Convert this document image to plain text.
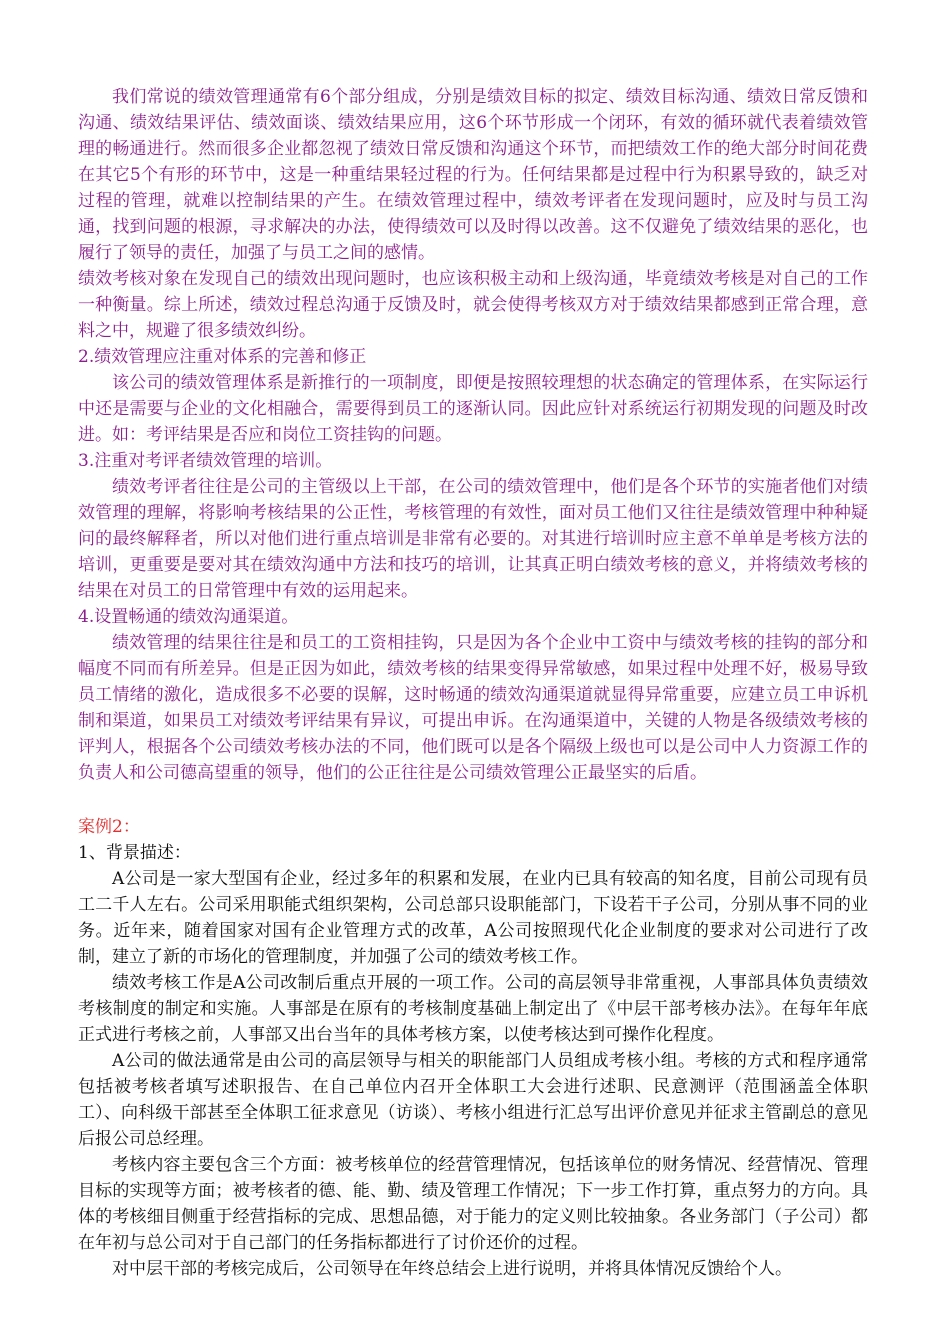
我们常说的绩效管理通常有6个部分组成，分别是绩效目标的拟定、绩效目标沟通、绩效日常反馈和沟通、绩效结果评估、绩效面谈、绩效结果应用，这6个环节形成一个闭环，有效的循环就代表着绩效管理的畅通进行。然而很多企业都忽视了绩效日常反馈和沟通这个环节，而把绩效工作的绝大部分时间花费在其它5个有形的环节中，这是一种重结果轻过程的行为。任何结果都是过程中行为积累导致的，缺乏对过程的管理，就难以控制结果的产生。在绩效管理过程中，绩效考评者在发现问题时，应及时与员工沟通，找到问题的根源，寻求解决的办法，使得绩效可以及时得以改善。这不仅避免了绩效结果的恶化，也履行了领导的责任，加强了与员工之间的感情。

绩效考核对象在发现自己的绩效出现问题时，也应该积极主动和上级沟通，毕竟绩效考核是对自己的工作一种衡量。综上所述，绩效过程总沟通于反馈及时，就会使得考核双方对于绩效结果都感到正常合理，意料之中，规避了很多绩效纠纷。

2.绩效管理应注重对体系的完善和修正

该公司的绩效管理体系是新推行的一项制度，即便是按照较理想的状态确定的管理体系，在实际运行中还是需要与企业的文化相融合，需要得到员工的逐渐认同。因此应针对系统运行初期发现的问题及时改进。如：考评结果是否应和岗位工资挂钩的问题。

3.注重对考评者绩效管理的培训。

绩效考评者往往是公司的主管级以上干部，在公司的绩效管理中，他们是各个环节的实施者他们对绩效管理的理解，将影响考核结果的公正性，考核管理的有效性，面对员工他们又往往是绩效管理中种种疑问的最终解释者，所以对他们进行重点培训是非常有必要的。对其进行培训时应主意不单单是考核方法的培训，更重要是要对其在绩效沟通中方法和技巧的培训，让其真正明白绩效考核的意义，并将绩效考核的结果在对员工的日常管理中有效的运用起来。

4.设置畅通的绩效沟通渠道。

绩效管理的结果往往是和员工的工资相挂钩，只是因为各个企业中工资中与绩效考核的挂钩的部分和幅度不同而有所差异。但是正因为如此，绩效考核的结果变得异常敏感，如果过程中处理不好，极易导致员工情绪的激化，造成很多不必要的误解，这时畅通的绩效沟通渠道就显得异常重要，应建立员工申诉机制和渠道，如果员工对绩效考评结果有异议，可提出申诉。在沟通渠道中，关键的人物是各级绩效考核的评判人，根据各个公司绩效考核办法的不同，他们既可以是各个隔级上级也可以是公司中人力资源工作的负责人和公司德高望重的领导，他们的公正往往是公司绩效管理公正最坚实的后盾。

案例2：

1、背景描述：

A公司是一家大型国有企业，经过多年的积累和发展，在业内已具有较高的知名度，目前公司现有员工二千人左右。公司采用职能式组织架构，公司总部只设职能部门，下设若干子公司，分别从事不同的业务。近年来，随着国家对国有企业管理方式的改革，A公司按照现代化企业制度的要求对公司进行了改制，建立了新的市场化的管理制度，并加强了公司的绩效考核工作。

绩效考核工作是A公司改制后重点开展的一项工作。公司的高层领导非常重视，人事部具体负责绩效考核制度的制定和实施。人事部是在原有的考核制度基础上制定出了《中层干部考核办法》。在每年年底正式进行考核之前，人事部又出台当年的具体考核方案，以使考核达到可操作化程度。

A公司的做法通常是由公司的高层领导与相关的职能部门人员组成考核小组。考核的方式和程序通常包括被考核者填写述职报告、在自己单位内召开全体职工大会进行述职、民意测评（范围涵盖全体职工）、向科级干部甚至全体职工征求意见（访谈）、考核小组进行汇总写出评价意见并征求主管副总的意见后报公司总经理。

考核内容主要包含三个方面：被考核单位的经营管理情况，包括该单位的财务情况、经营情况、管理目标的实现等方面；被考核者的德、能、勤、绩及管理工作情况；下一步工作打算，重点努力的方向。具体的考核细目侧重于经营指标的完成、思想品德，对于能力的定义则比较抽象。各业务部门（子公司）都在年初与总公司对于自己部门的任务指标都进行了讨价还价的过程。

对中层干部的考核完成后，公司领导在年终总结会上进行说明，并将具体情况反馈给个人。
